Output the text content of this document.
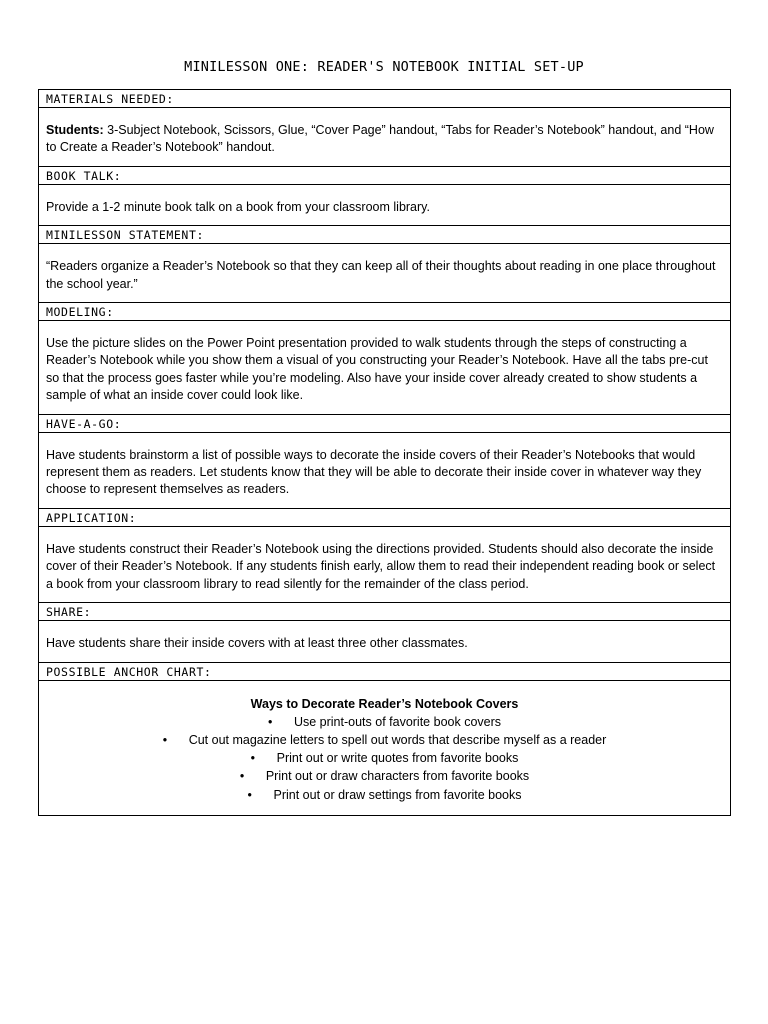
MINILESSON ONE: READER'S NOTEBOOK INITIAL SET-UP
MATERIALS NEEDED:

Students: 3-Subject Notebook, Scissors, Glue, “Cover Page” handout, “Tabs for Reader’s Notebook” handout, and “How to Create a Reader’s Notebook” handout.

BOOK TALK:

Provide a 1-2 minute book talk on a book from your classroom library.

MINILESSON STATEMENT:

“Readers organize a Reader’s Notebook so that they can keep all of their thoughts about reading in one place throughout the school year.”

MODELING:

Use the picture slides on the Power Point presentation provided to walk students through the steps of constructing a Reader’s Notebook while you show them a visual of you constructing your Reader’s Notebook. Have all the tabs pre-cut so that the process goes faster while you’re modeling. Also have your inside cover already created to show students a sample of what an inside cover could look like.

HAVE-A-GO:

Have students brainstorm a list of possible ways to decorate the inside covers of their Reader’s Notebooks that would represent them as readers. Let students know that they will be able to decorate their inside cover in whatever way they choose to represent themselves as readers.

APPLICATION:

Have students construct their Reader’s Notebook using the directions provided. Students should also decorate the inside cover of their Reader’s Notebook. If any students finish early, allow them to read their independent reading book or select a book from your classroom library to read silently for the remainder of the class period.

SHARE:

Have students share their inside covers with at least three other classmates.

POSSIBLE ANCHOR CHART:

Ways to Decorate Reader’s Notebook Covers
• Use print-outs of favorite book covers
• Cut out magazine letters to spell out words that describe myself as a reader
• Print out or write quotes from favorite books
• Print out or draw characters from favorite books
• Print out or draw settings from favorite books
